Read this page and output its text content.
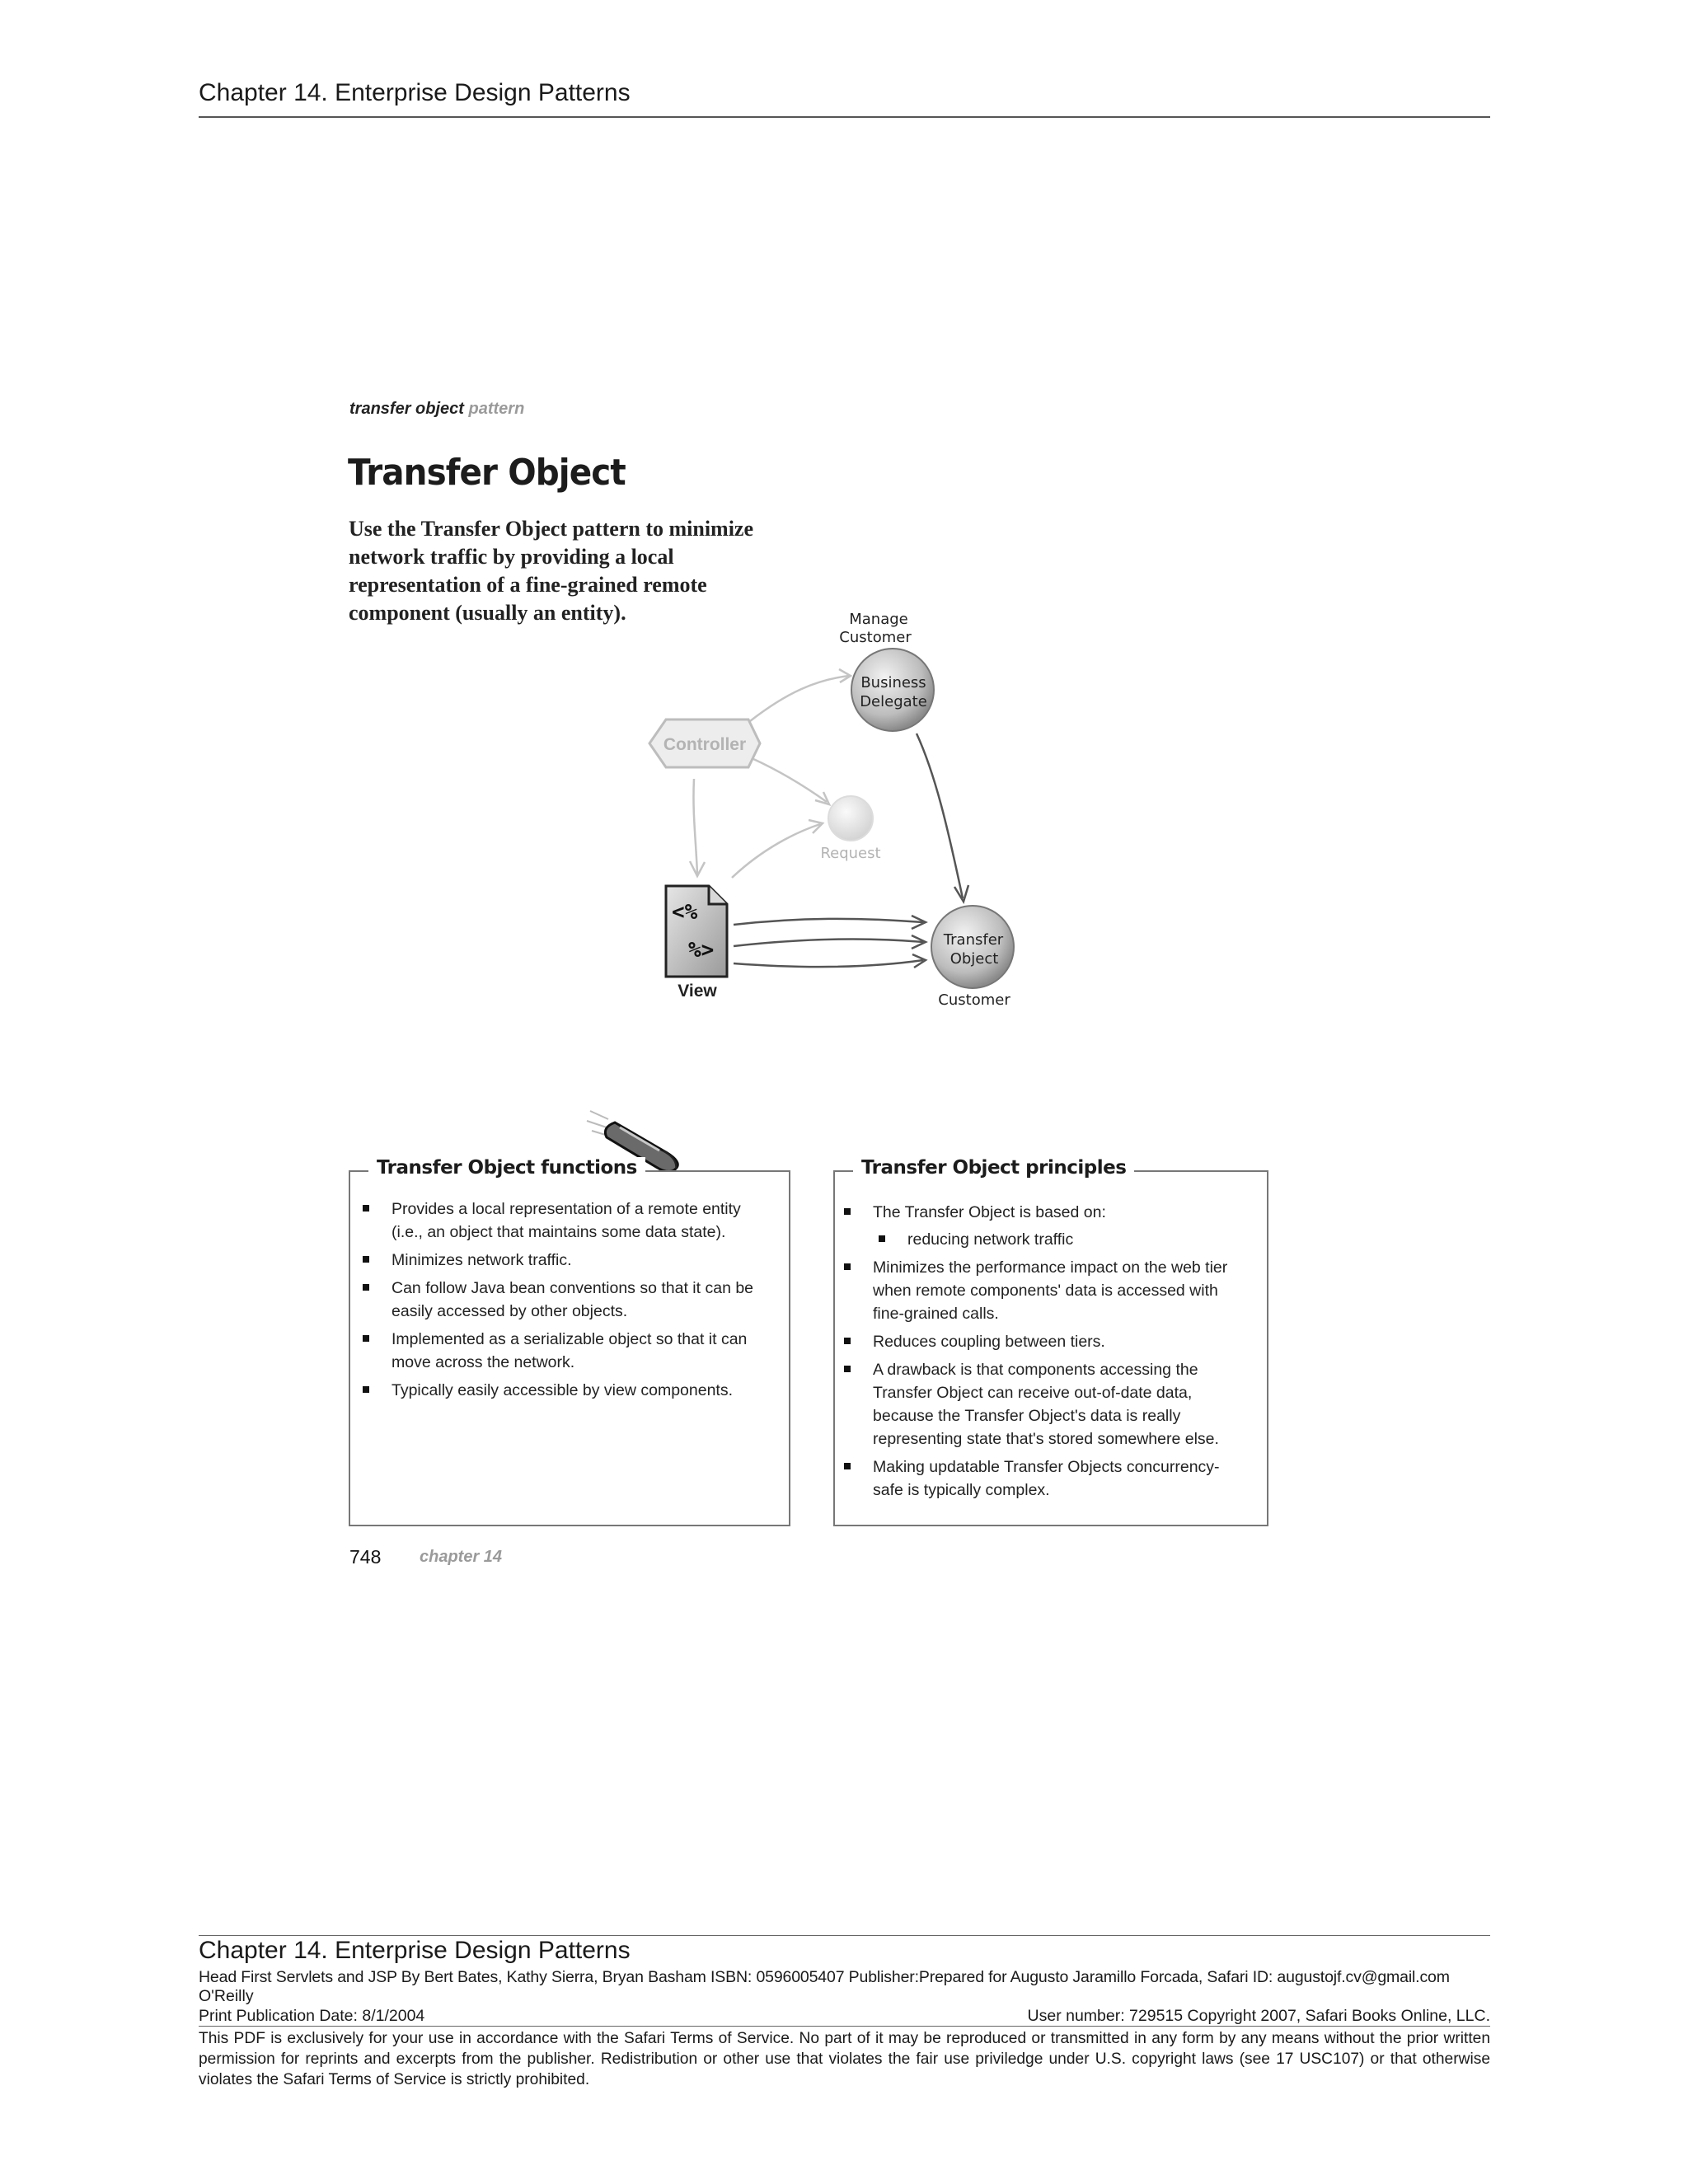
Chapter 14. Enterprise Design Patterns
transfer object pattern
Transfer Object
Use the Transfer Object pattern to minimize network traffic by providing a local representation of a fine-grained remote component (usually an entity).	Manage
Customer
Business
Delegate
Controller
Request
<%
%>
View
Transfer
Object
Customer
Transfer Object functions
Provides a local representation of a remote entity (i.e., an object that maintains some data state).
Minimizes network traffic.
Can follow Java bean conventions so that it can be easily accessed by other objects.
Implemented as a serializable object so that it can move across the network.
Typically easily accessible by view components.
Transfer Object principles
The Transfer Object is based on:
reducing network traffic
Minimizes the performance impact on the web tier when remote components' data is accessed with fine-grained calls.
Reduces coupling between tiers.
A drawback is that components accessing the Transfer Object can receive out-of-date data, because the Transfer Object's data is really representing state that's stored somewhere else.
Making updatable Transfer Objects concurrency-safe is typically complex.
748 chapter 14
Chapter 14. Enterprise Design Patterns
Head First Servlets and JSP By Bert Bates, Kathy Sierra, Bryan Basham ISBN: 0596005407 Publisher:Prepared for Augusto Jaramillo Forcada, Safari ID: augustojf.cv@gmail.com
O'Reilly
Print Publication Date: 8/1/2004	User number: 729515 Copyright 2007, Safari Books Online, LLC.
This PDF is exclusively for your use in accordance with the Safari Terms of Service. No part of it may be reproduced or transmitted in any form by any means without the prior written permission for reprints and excerpts from the publisher. Redistribution or other use that violates the fair use priviledge under U.S. copyright laws (see 17 USC107) or that otherwise violates the Safari Terms of Service is strictly prohibited.
